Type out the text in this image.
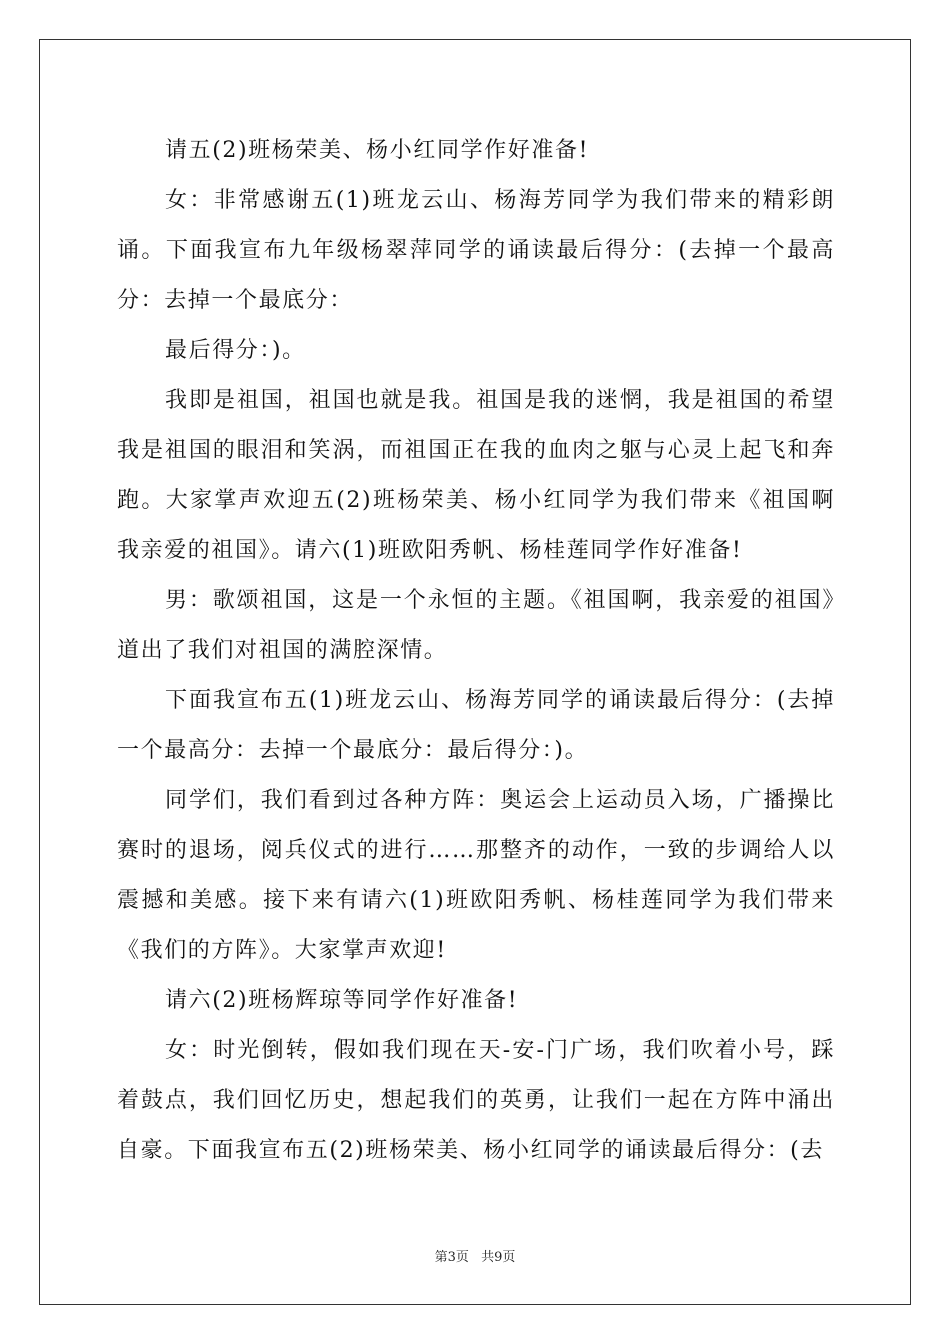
请五(2)班杨荣美、杨小红同学作好准备!

女：非常感谢五(1)班龙云山、杨海芳同学为我们带来的精彩朗诵。下面我宣布九年级杨翠萍同学的诵读最后得分：(去掉一个最高分：去掉一个最底分：

最后得分：)。

我即是祖国，祖国也就是我。祖国是我的迷惘，我是祖国的希望我是祖国的眼泪和笑涡，而祖国正在我的血肉之躯与心灵上起飞和奔跑。大家掌声欢迎五(2)班杨荣美、杨小红同学为我们带来《祖国啊我亲爱的祖国》。请六(1)班欧阳秀帆、杨桂莲同学作好准备!

男：歌颂祖国，这是一个永恒的主题。《祖国啊，我亲爱的祖国》道出了我们对祖国的满腔深情。

下面我宣布五(1)班龙云山、杨海芳同学的诵读最后得分：(去掉一个最高分：去掉一个最底分：最后得分：)。

同学们，我们看到过各种方阵：奥运会上运动员入场，广播操比赛时的退场，阅兵仪式的进行……那整齐的动作，一致的步调给人以震撼和美感。接下来有请六(1)班欧阳秀帆、杨桂莲同学为我们带来《我们的方阵》。大家掌声欢迎!

请六(2)班杨辉琼等同学作好准备!

女：时光倒转，假如我们现在天-安-门广场，我们吹着小号，踩着鼓点，我们回忆历史，想起我们的英勇，让我们一起在方阵中涌出自豪。下面我宣布五(2)班杨荣美、杨小红同学的诵读最后得分：(去

第3页 共9页
